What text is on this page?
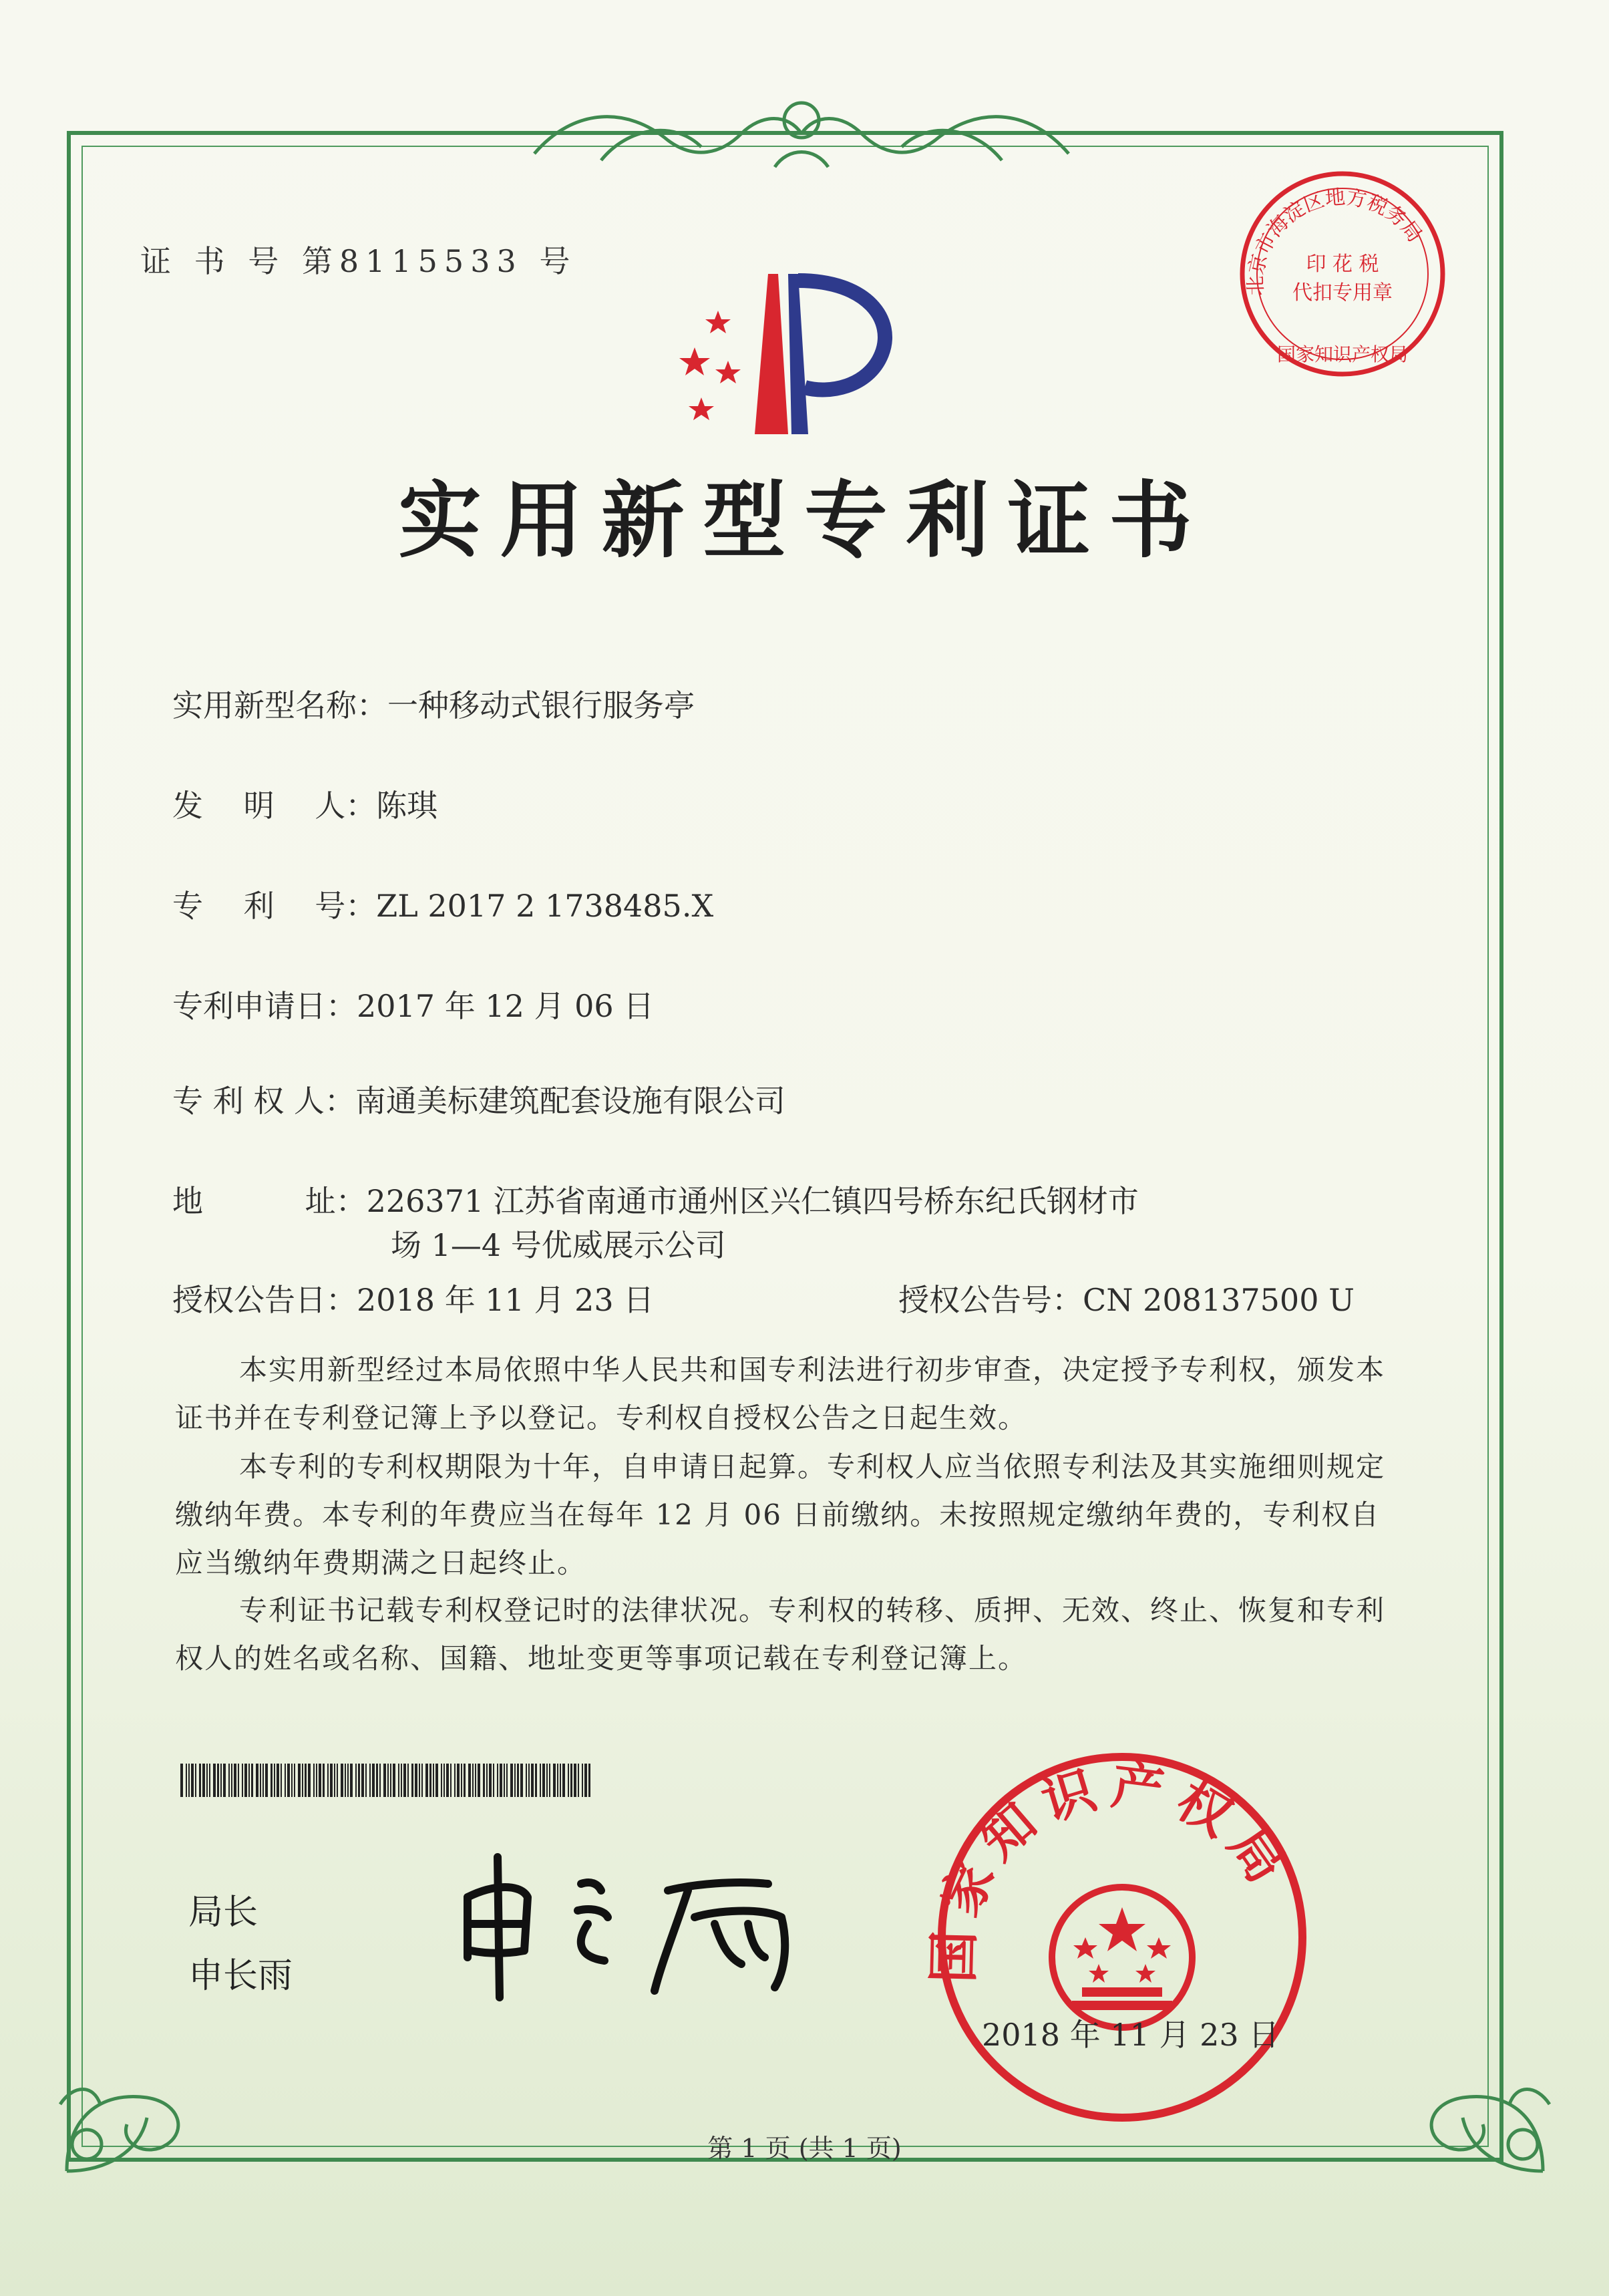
证 书 号 第8115533 号
北京市海淀区地方税务局
国家知识产权局
印 花 税
代扣专用章
实用新型专利证书
实用新型名称：一种移动式银行服务亭
发　 明　 人：陈琪
专　 利　 号：ZL 2017 2 1738485.X
专利申请日：2017 年 12 月 06 日
专 利 权 人：南通美标建筑配套设施有限公司
地　　　 址：226371 江苏省南通市通州区兴仁镇四号桥东纪氏钢材市
场 1—4 号优威展示公司
授权公告日：2018 年 11 月 23 日	授权公告号：CN 208137500 U
本实用新型经过本局依照中华人民共和国专利法进行初步审查，决定授予专利权，颁发本证书并在专利登记簿上予以登记。专利权自授权公告之日起生效。
本专利的专利权期限为十年，自申请日起算。专利权人应当依照专利法及其实施细则规定缴纳年费。本专利的年费应当在每年 12 月 06 日前缴纳。未按照规定缴纳年费的，专利权自应当缴纳年费期满之日起终止。
专利证书记载专利权登记时的法律状况。专利权的转移、质押、无效、终止、恢复和专利权人的姓名或名称、国籍、地址变更等事项记载在专利登记簿上。
局长
申长雨	国家知识产权局
2018 年 11 月 23 日
第 1 页 (共 1 页)
